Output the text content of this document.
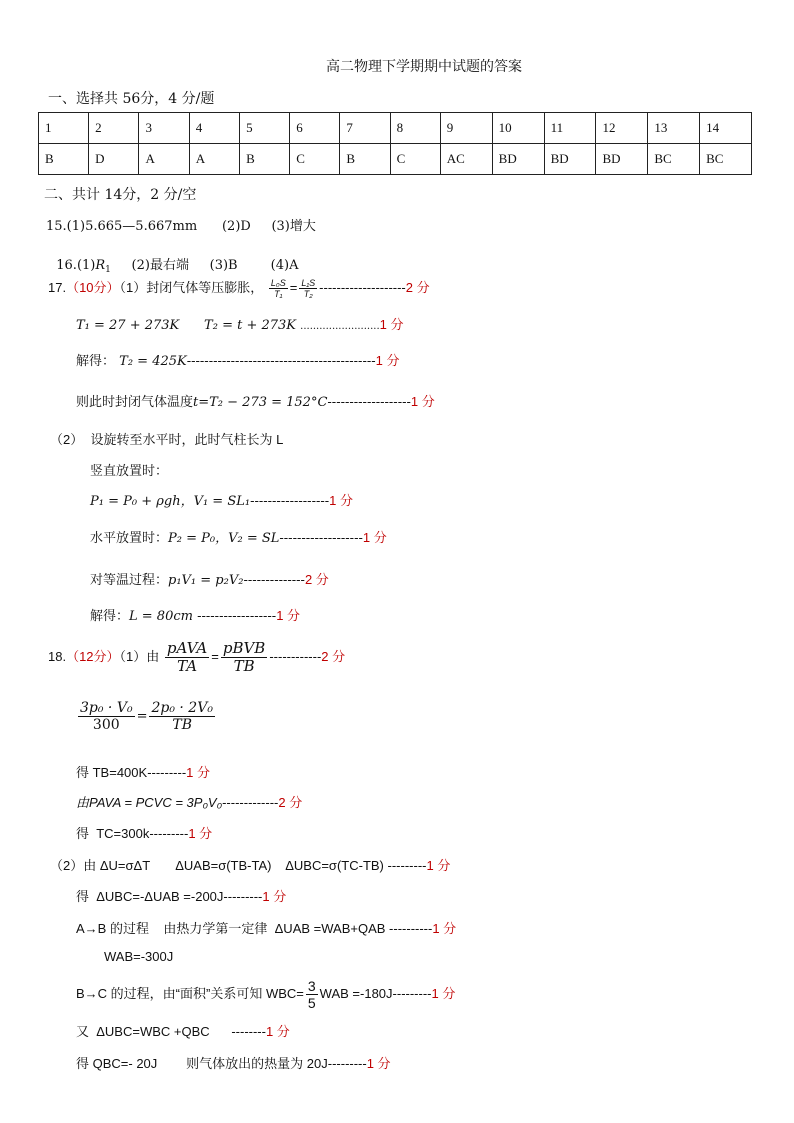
高二物理下学期期中试题的答案
一、选择共 56分，4 分/题
1	2	3	4	5	6	7	8	9	10	11	12	13	14
B	D	A	A	B	C	B	C	AC	BD	BD	BD	BC	BC
二、共计 14分，2 分/空
15.(1)5.665—5.667mm      (2)D     (3)增大

$16.(1)R_1$     (2)最右端     (3)B        (4)A

17.（10分）（1）封闭气体等压膨胀， $\frac{\text{L₀S}}{\text{T₁}} = \frac{\text{L₁S}}{\text{T₂}} --------------------2$ 分
T₁ = 27 + 273K      T₂ = t + 273K .........................1 分
解得： T₂ = 425K-------------------------------------------1 分
则此时封闭气体温度t=T₂ − 273 = 152°C-------------------1 分
（2）  设旋转至水平时，此时气柱长为 L
竖直放置时：
P₁ = P₀ + ρgh，V₁ = SL₁------------------1 分
水平放置时：P₂ = P₀，V₂ = SL-------------------1 分
对等温过程：p₁V₁ = p₂V₂--------------2 分
解得：L = 80cm ------------------1 分
18.（12分）（1）由 $\frac{\text{pAVA}}{TA} = \frac{\text{pBVB}}{TB} ------------2$ 分
$\frac{\text{3p₀ · V₀}}{300} = \frac{\text{2p₀ · 2V₀}}{TB}$
得 TB=400K---------1 分
由PAVA = PCVC = 3P₀V₀-------------2 分
得  TC=300k---------1 分
（2）由 ΔU=σΔT       ΔUAB=σ(TB-TA)    ΔUBC=σ(TC-TB) ---------1 分
得  ΔUBC=-ΔUAB =-200J---------1 分
A→B 的过程    由热力学第一定律  ΔUAB =WAB+QAB ----------1 分
WAB=-300J
B→C 的过程，由“面积”关系可知 $WBC= \frac{3}{5}$ WAB =-180J---------1 分
又  ΔUBC=WBC +QBC --------1 分
得 QBC=- 20J        则气体放出的热量为 20J---------1 分
